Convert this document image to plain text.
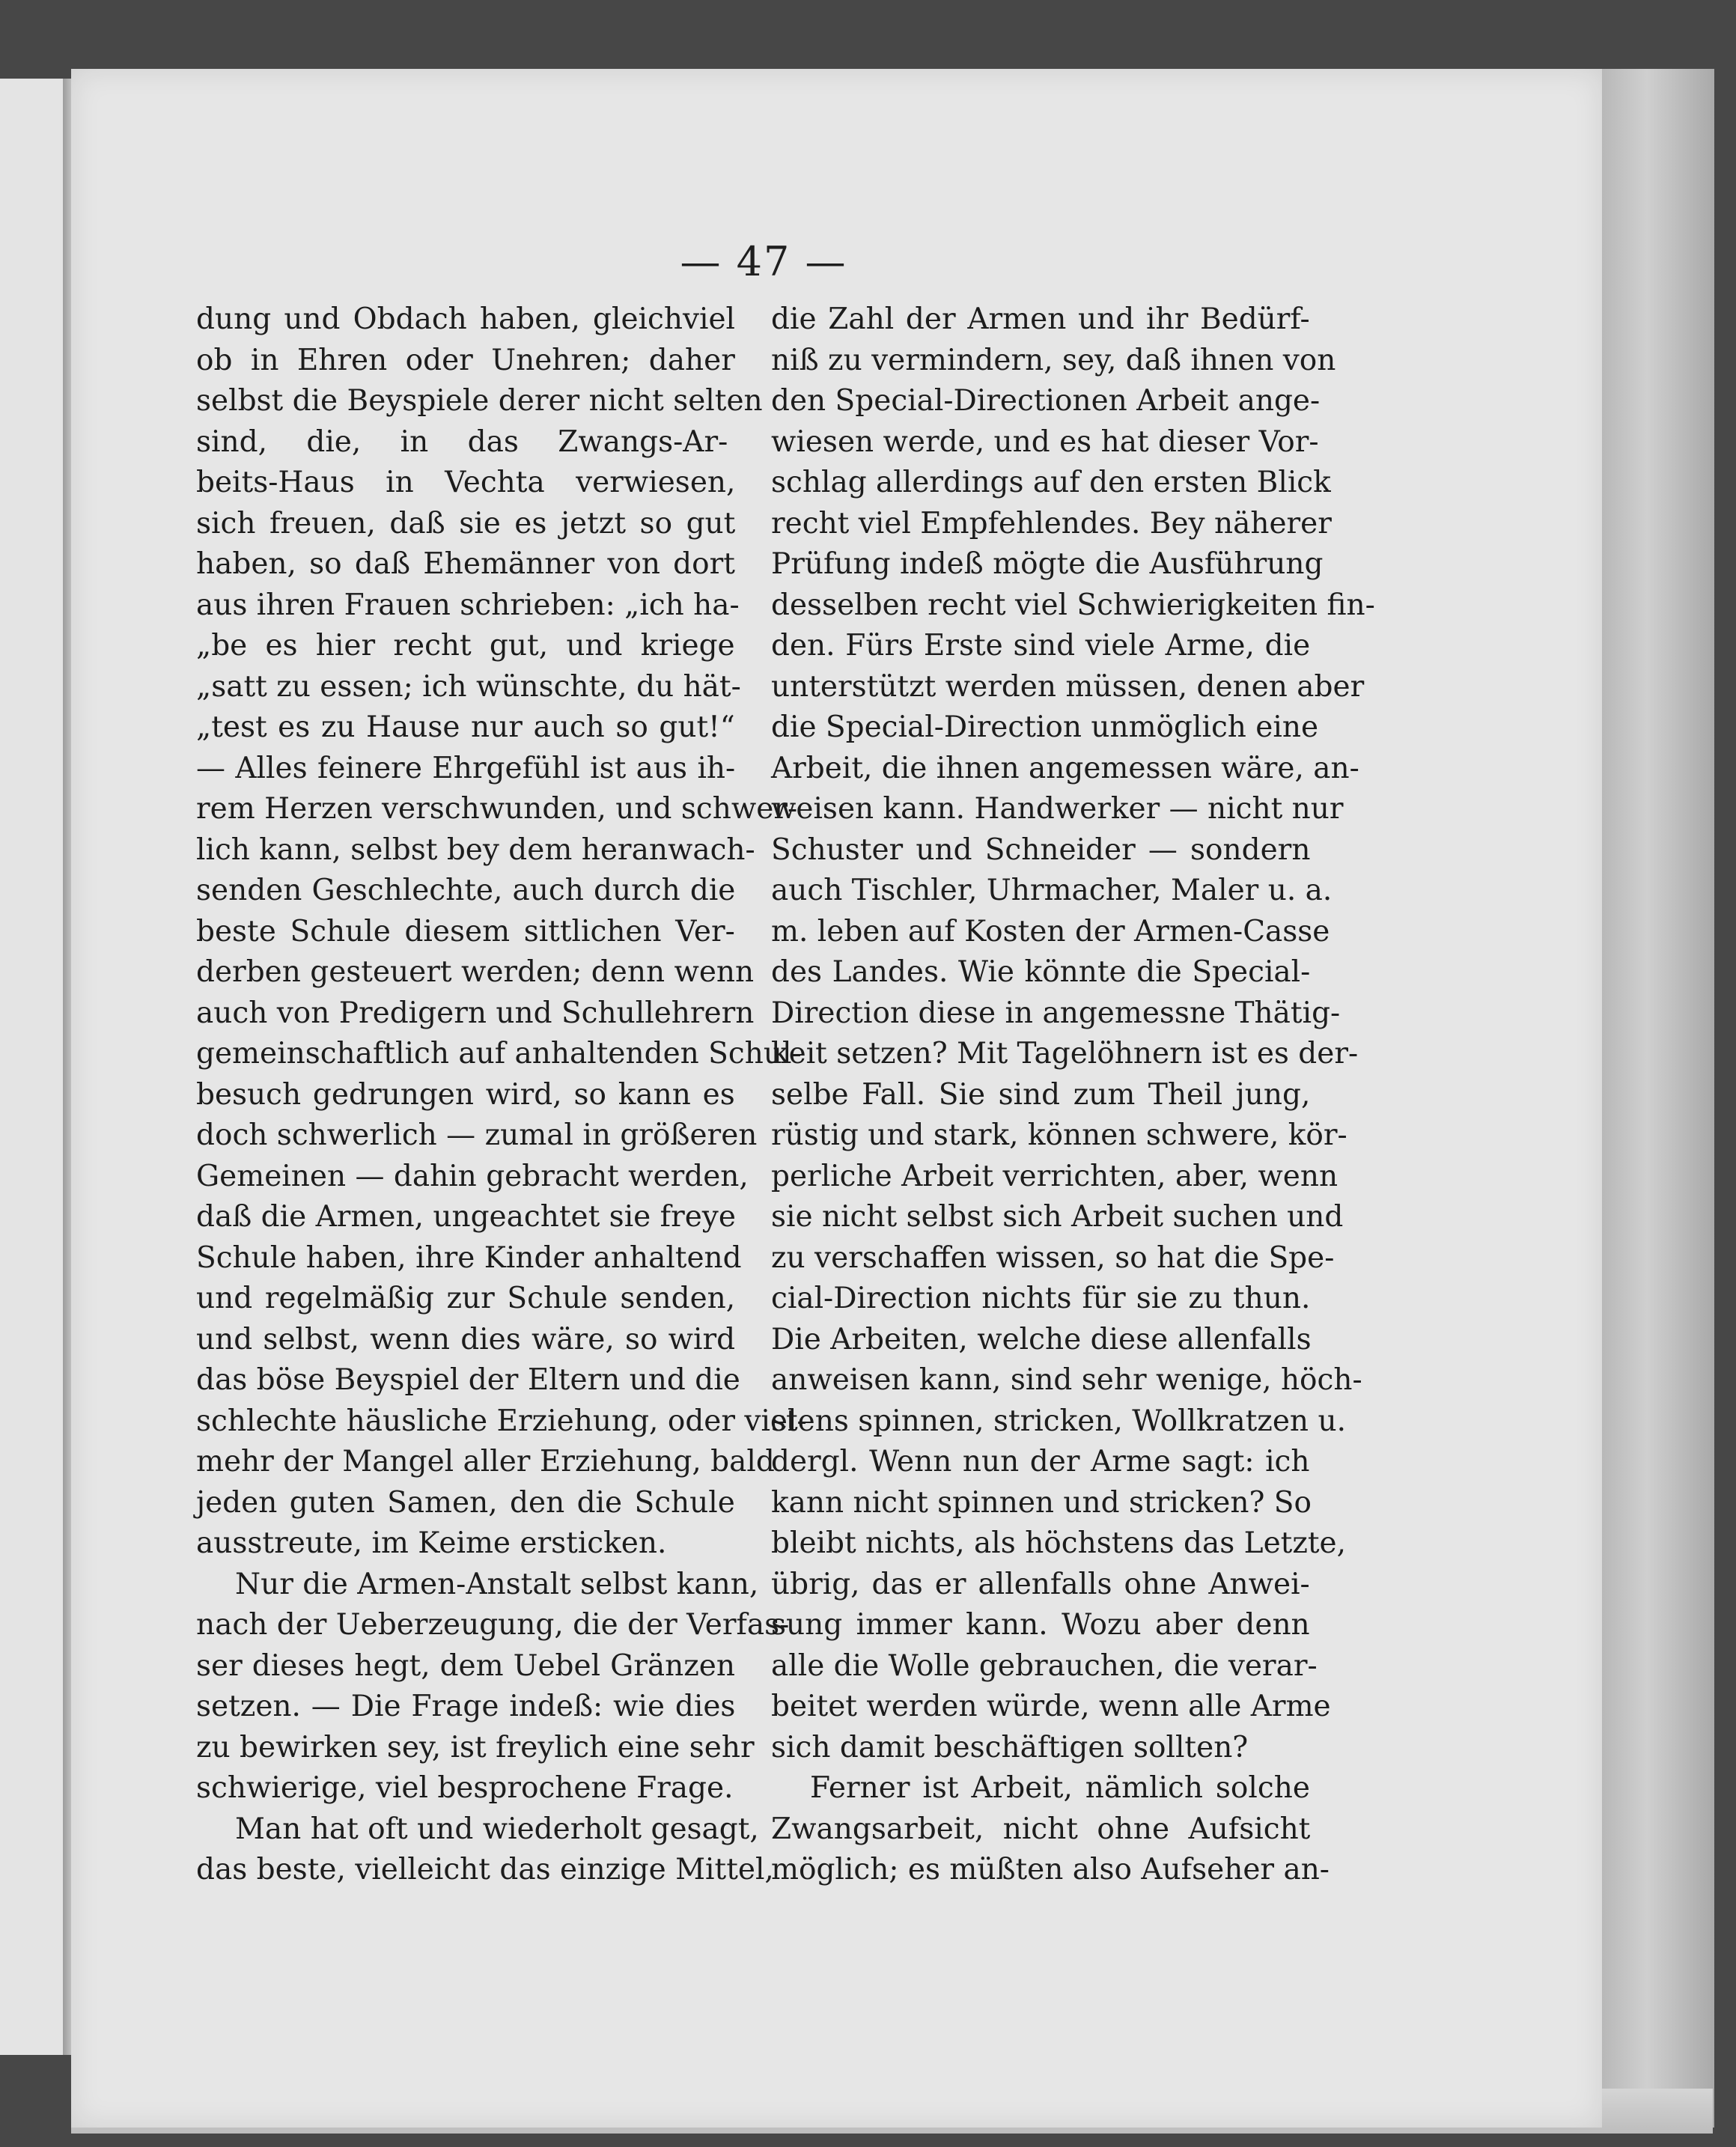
— 47 —
dung und Obdach haben, gleichviel
ob in Ehren oder Unehren; daher
selbst die Beyspiele derer nicht selten
sind, die, in das Zwangs-Ar-
beits-Haus in Vechta verwiesen,
sich freuen, daß sie es jetzt so gut
haben, so daß Ehemänner von dort
aus ihren Frauen schrieben: „ich ha-
„be es hier recht gut, und kriege
„satt zu essen; ich wünschte, du hät-
„test es zu Hause nur auch so gut!“
— Alles feinere Ehrgefühl ist aus ih-
rem Herzen verschwunden, und schwer-
lich kann, selbst bey dem heranwach-
senden Geschlechte, auch durch die
beste Schule diesem sittlichen Ver-
derben gesteuert werden; denn wenn
auch von Predigern und Schullehrern
gemeinschaftlich auf anhaltenden Schul-
besuch gedrungen wird, so kann es
doch schwerlich — zumal in größeren
Gemeinen — dahin gebracht werden,
daß die Armen, ungeachtet sie freye
Schule haben, ihre Kinder anhaltend
und regelmäßig zur Schule senden,
und selbst, wenn dies wäre, so wird
das böse Beyspiel der Eltern und die
schlechte häusliche Erziehung, oder viel-
mehr der Mangel aller Erziehung, bald
jeden guten Samen, den die Schule
ausstreute, im Keime ersticken.
Nur die Armen-Anstalt selbst kann,
nach der Ueberzeugung, die der Verfas-
ser dieses hegt, dem Uebel Gränzen
setzen. — Die Frage indeß: wie dies
zu bewirken sey, ist freylich eine sehr
schwierige, viel besprochene Frage.
Man hat oft und wiederholt gesagt,
das beste, vielleicht das einzige Mittel,
die Zahl der Armen und ihr Bedürf-
niß zu vermindern, sey, daß ihnen von
den Special-Directionen Arbeit ange-
wiesen werde, und es hat dieser Vor-
schlag allerdings auf den ersten Blick
recht viel Empfehlendes. Bey näherer
Prüfung indeß mögte die Ausführung
desselben recht viel Schwierigkeiten fin-
den. Fürs Erste sind viele Arme, die
unterstützt werden müssen, denen aber
die Special-Direction unmöglich eine
Arbeit, die ihnen angemessen wäre, an-
weisen kann. Handwerker — nicht nur
Schuster und Schneider — sondern
auch Tischler, Uhrmacher, Maler u. a.
m. leben auf Kosten der Armen-Casse
des Landes. Wie könnte die Special-
Direction diese in angemessne Thätig-
keit setzen? Mit Tagelöhnern ist es der-
selbe Fall. Sie sind zum Theil jung,
rüstig und stark, können schwere, kör-
perliche Arbeit verrichten, aber, wenn
sie nicht selbst sich Arbeit suchen und
zu verschaffen wissen, so hat die Spe-
cial-Direction nichts für sie zu thun.
Die Arbeiten, welche diese allenfalls
anweisen kann, sind sehr wenige, höch-
stens spinnen, stricken, Wollkratzen u.
dergl. Wenn nun der Arme sagt: ich
kann nicht spinnen und stricken? So
bleibt nichts, als höchstens das Letzte,
übrig, das er allenfalls ohne Anwei-
sung immer kann. Wozu aber denn
alle die Wolle gebrauchen, die verar-
beitet werden würde, wenn alle Arme
sich damit beschäftigen sollten?
Ferner ist Arbeit, nämlich solche
Zwangsarbeit, nicht ohne Aufsicht
möglich; es müßten also Aufseher an-
